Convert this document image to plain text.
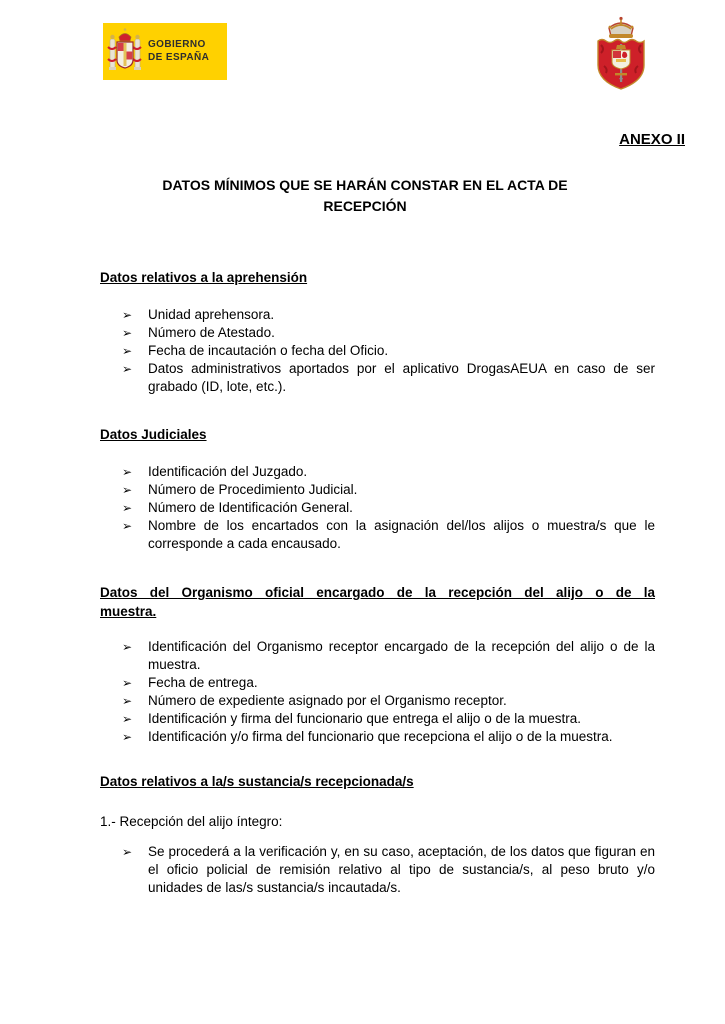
GOBIERNO
DE ESPAÑA
ANEXO II
DATOS MÍNIMOS QUE SE HARÁN CONSTAR EN EL ACTA DE
RECEPCIÓN
Datos relativos a la aprehensión
➢	Unidad aprehensora.
➢	Número de Atestado.
➢	Fecha de incautación o fecha del Oficio.
➢	Datos administrativos aportados por el aplicativo DrogasAEUA en caso de ser grabado (ID, lote, etc.).
Datos Judiciales
➢	Identificación del Juzgado.
➢	Número de Procedimiento Judicial.
➢	Número de Identificación General.
➢	Nombre de los encartados con la asignación del/los alijos o muestra/s que le corresponde a cada encausado.
Datos del Organismo oficial encargado de la recepción del alijo o de la
muestra.
➢	Identificación del Organismo receptor encargado de la recepción del alijo o de la muestra.
➢	Fecha de entrega.
➢	Número de expediente asignado por el Organismo receptor.
➢	Identificación y firma del funcionario que entrega el alijo o de la muestra.
➢	Identificación y/o firma del funcionario que recepciona el alijo o de la muestra.
Datos relativos a la/s sustancia/s recepcionada/s
1.- Recepción del alijo íntegro:
➢	Se procederá a la verificación y, en su caso, aceptación, de los datos que figuran en el oficio policial de remisión relativo al tipo de sustancia/s, al peso bruto y/o unidades de las/s sustancia/s incautada/s.
